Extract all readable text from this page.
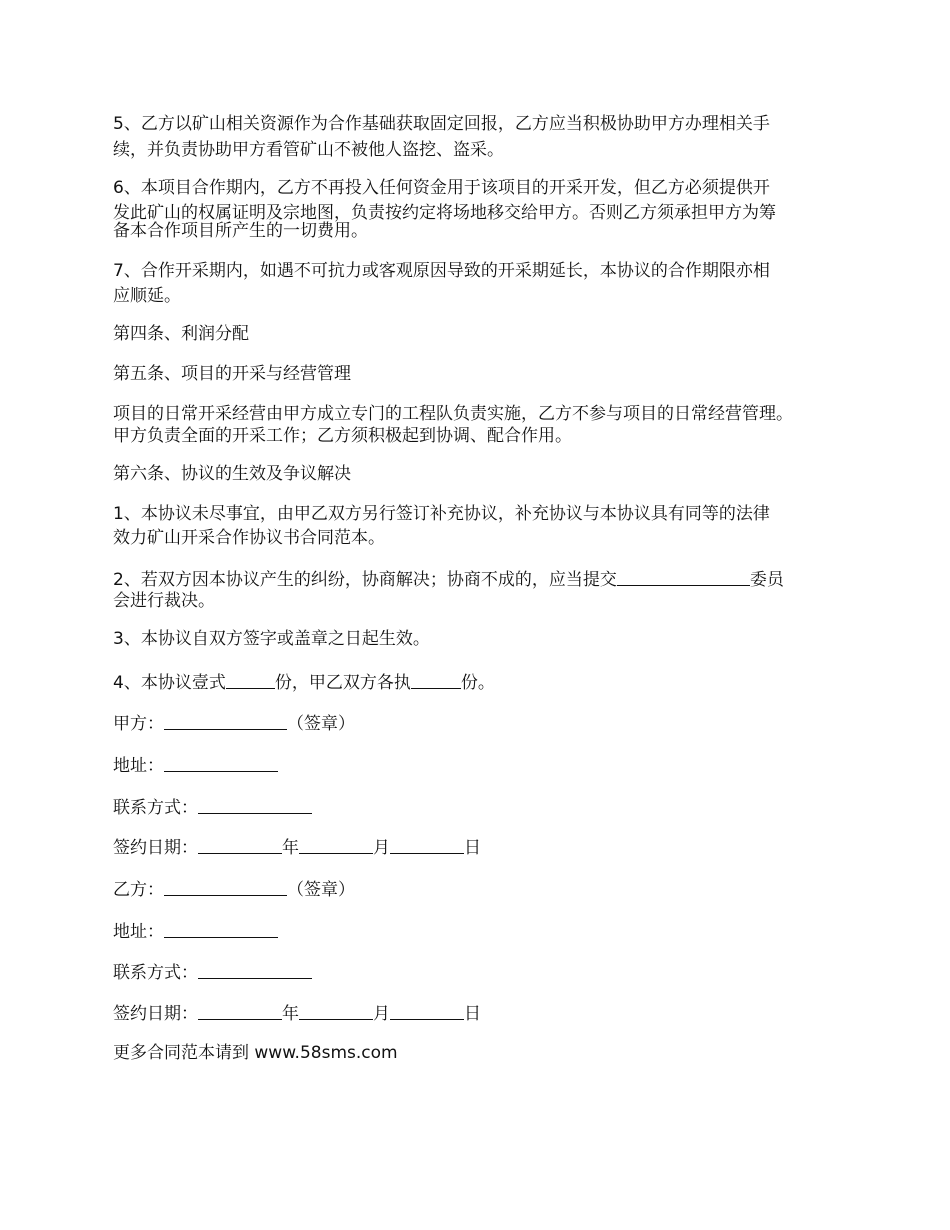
5、乙方以矿山相关资源作为合作基础获取固定回报，乙方应当积极协助甲方办理相关手

续，并负责协助甲方看管矿山不被他人盗挖、盗采。

6、本项目合作期内，乙方不再投入任何资金用于该项目的开采开发，但乙方必须提供开

发此矿山的权属证明及宗地图，负责按约定将场地移交给甲方。否则乙方须承担甲方为筹

备本合作项目所产生的一切费用。

7、合作开采期内，如遇不可抗力或客观原因导致的开采期延长，本协议的合作期限亦相

应顺延。

第四条、利润分配

第五条、项目的开采与经营管理

项目的日常开采经营由甲方成立专门的工程队负责实施，乙方不参与项目的日常经营管理。

甲方负责全面的开采工作；乙方须积极起到协调、配合作用。

第六条、协议的生效及争议解决

1、本协议未尽事宜，由甲乙双方另行签订补充协议，补充协议与本协议具有同等的法律

效力矿山开采合作协议书合同范本。

2、若双方因本协议产生的纠纷，协商解决；协商不成的，应当提交	委员

会进行裁决。

3、本协议自双方签字或盖章之日起生效。

4、本协议壹式	份，甲乙双方各执	份。

甲方：	（签章）

地址：

联系方式：

签约日期：	年	月	日

乙方：	（签章）

地址：

联系方式：

签约日期：	年	月	日

更多合同范本请到 www.58sms.com
